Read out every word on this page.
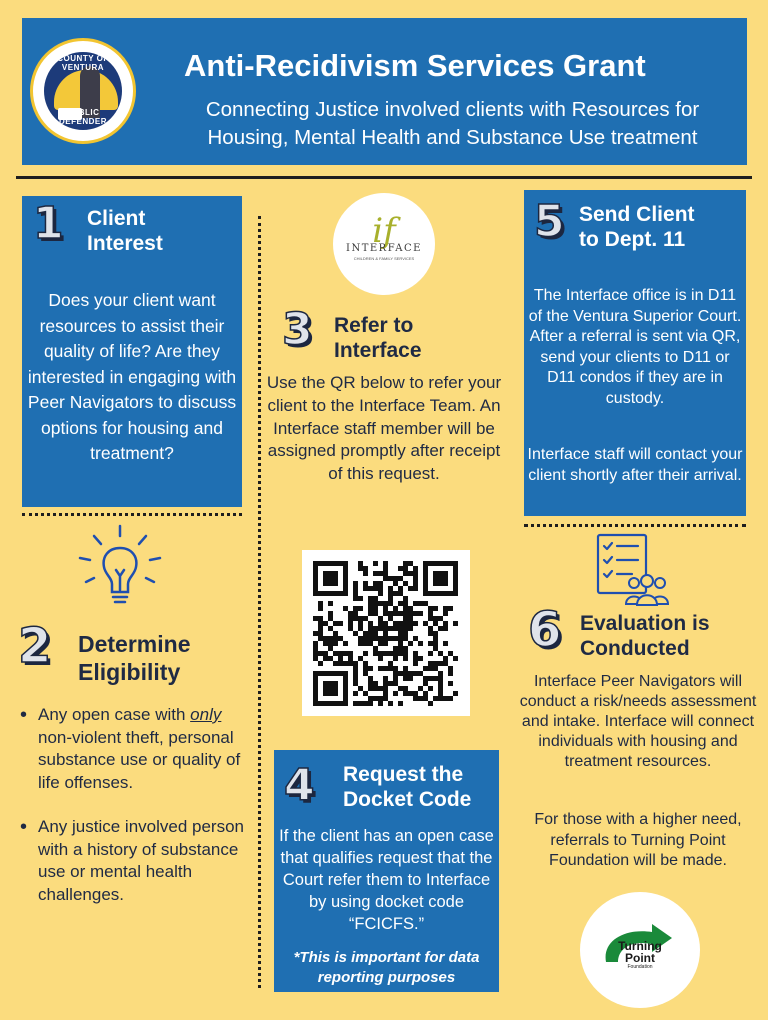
COUNTY OF VENTURA
PUBLIC DEFENDER
Anti-Recidivism Services Grant
Connecting Justice involved clients with Resources for Housing, Mental Health and Substance Use treatment
1 Client
Interest
Does your client want resources to assist their quality of life? Are they interested in engaging with Peer Navigators to discuss options for housing and treatment?
2 Determine
Eligibility
• Any open case with only non-violent theft, personal substance use or quality of life offenses.
• Any justice involved person with a history of substance use or mental health challenges.
if
INTERFACE
CHILDREN & FAMILY SERVICES
3 Refer to
Interface
Use the QR below to refer your client to the Interface Team. An Interface staff member will be assigned promptly after receipt of this request.
4 Request the
Docket Code
If the client has an open case that qualifies request that the Court refer them to Interface by using docket code “FCICFS.”
*This is important for data reporting purposes
5 Send Client
to Dept. 11
The Interface office is in D11 of the Ventura Superior Court. After a referral is sent via QR, send your clients to D11 or D11 condos if they are in custody.
Interface staff will contact your client shortly after their arrival.
6 Evaluation is
Conducted
Interface Peer Navigators will conduct a risk/needs assessment and intake. Interface will connect individuals with housing and treatment resources.
For those with a higher need, referrals to Turning Point Foundation will be made.
Turning
Point
Foundation
